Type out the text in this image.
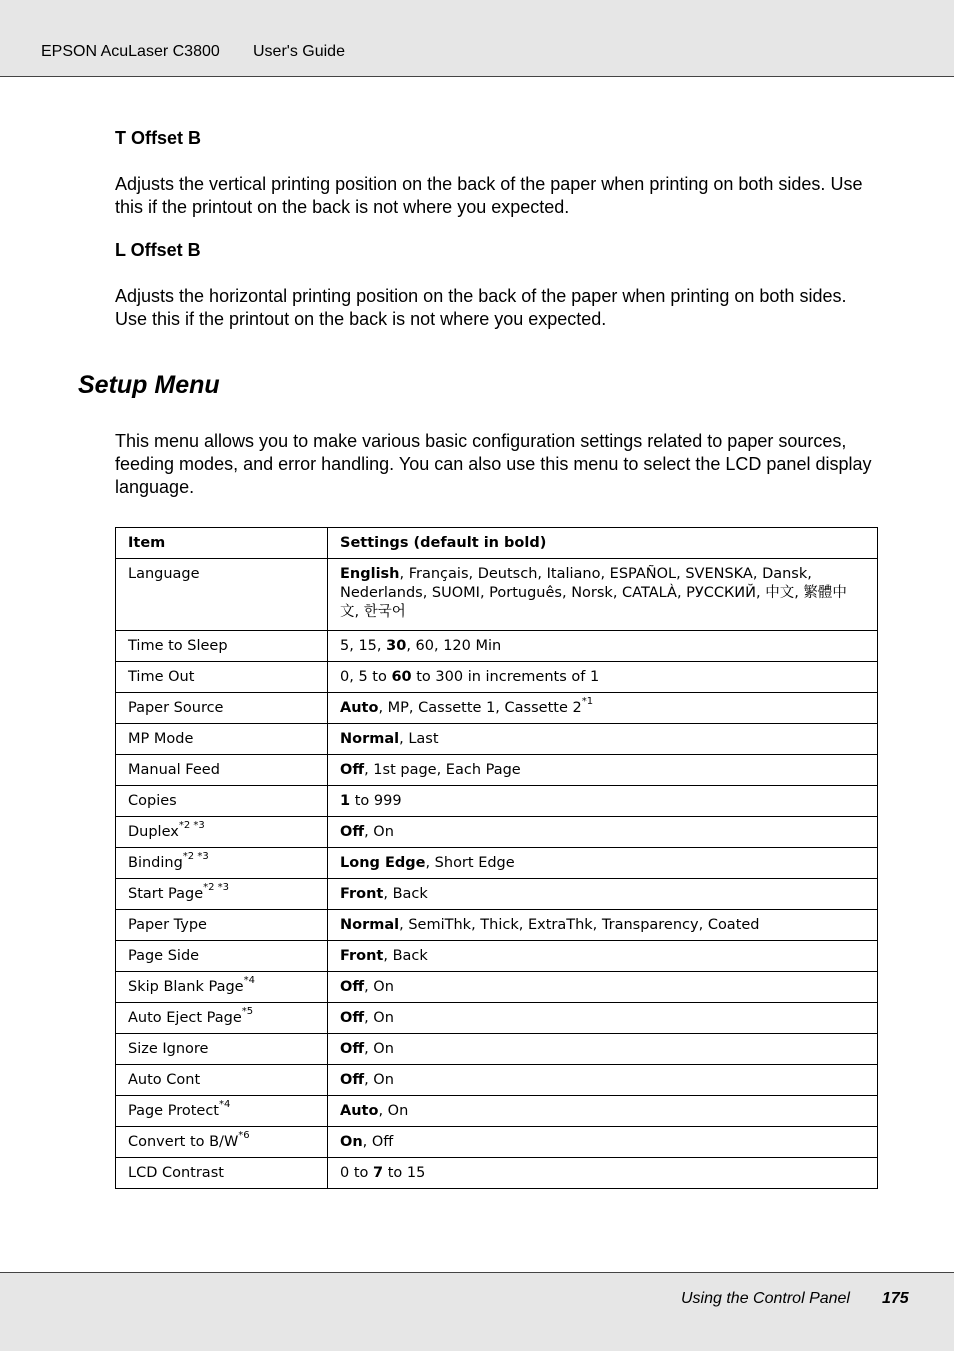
EPSON AcuLaser C3800 User's Guide
T Offset B
Adjusts the vertical printing position on the back of the paper when printing on both sides. Use this if the printout on the back is not where you expected.
L Offset B
Adjusts the horizontal printing position on the back of the paper when printing on both sides. Use this if the printout on the back is not where you expected.
Setup Menu
This menu allows you to make various basic configuration settings related to paper sources, feeding modes, and error handling. You can also use this menu to select the LCD panel display language.
Item	Settings (default in bold)
Language	English, Français, Deutsch, Italiano, ESPAÑOL, SVENSKA, Dansk, Nederlands, SUOMI, Português, Norsk, CATALÀ, РУССКИЙ, 中文, 繁體中文, 한국어
Time to Sleep	5, 15, 30, 60, 120 Min
Time Out	0, 5 to 60 to 300 in increments of 1
Paper Source	Auto, MP, Cassette 1, Cassette 2$^{*1}$
MP Mode	Normal, Last
Manual Feed	Off, 1st page, Each Page
Copies	1 to 999
Duplex$^{*2 *3}$	Off, On
Binding$^{*2 *3}$	Long Edge, Short Edge
Start Page$^{*2 *3}$	Front, Back
Paper Type	Normal, SemiThk, Thick, ExtraThk, Transparency, Coated
Page Side	Front, Back
Skip Blank Page$^{*4}$	Off, On
Auto Eject Page$^{*5}$	Off, On
Size Ignore	Off, On
Auto Cont	Off, On
Page Protect$^{*4}$	Auto, On
Convert to $B/W^{*6}$	On, Off
LCD Contrast	0 to 7 to 15
Using the Control Panel 175
